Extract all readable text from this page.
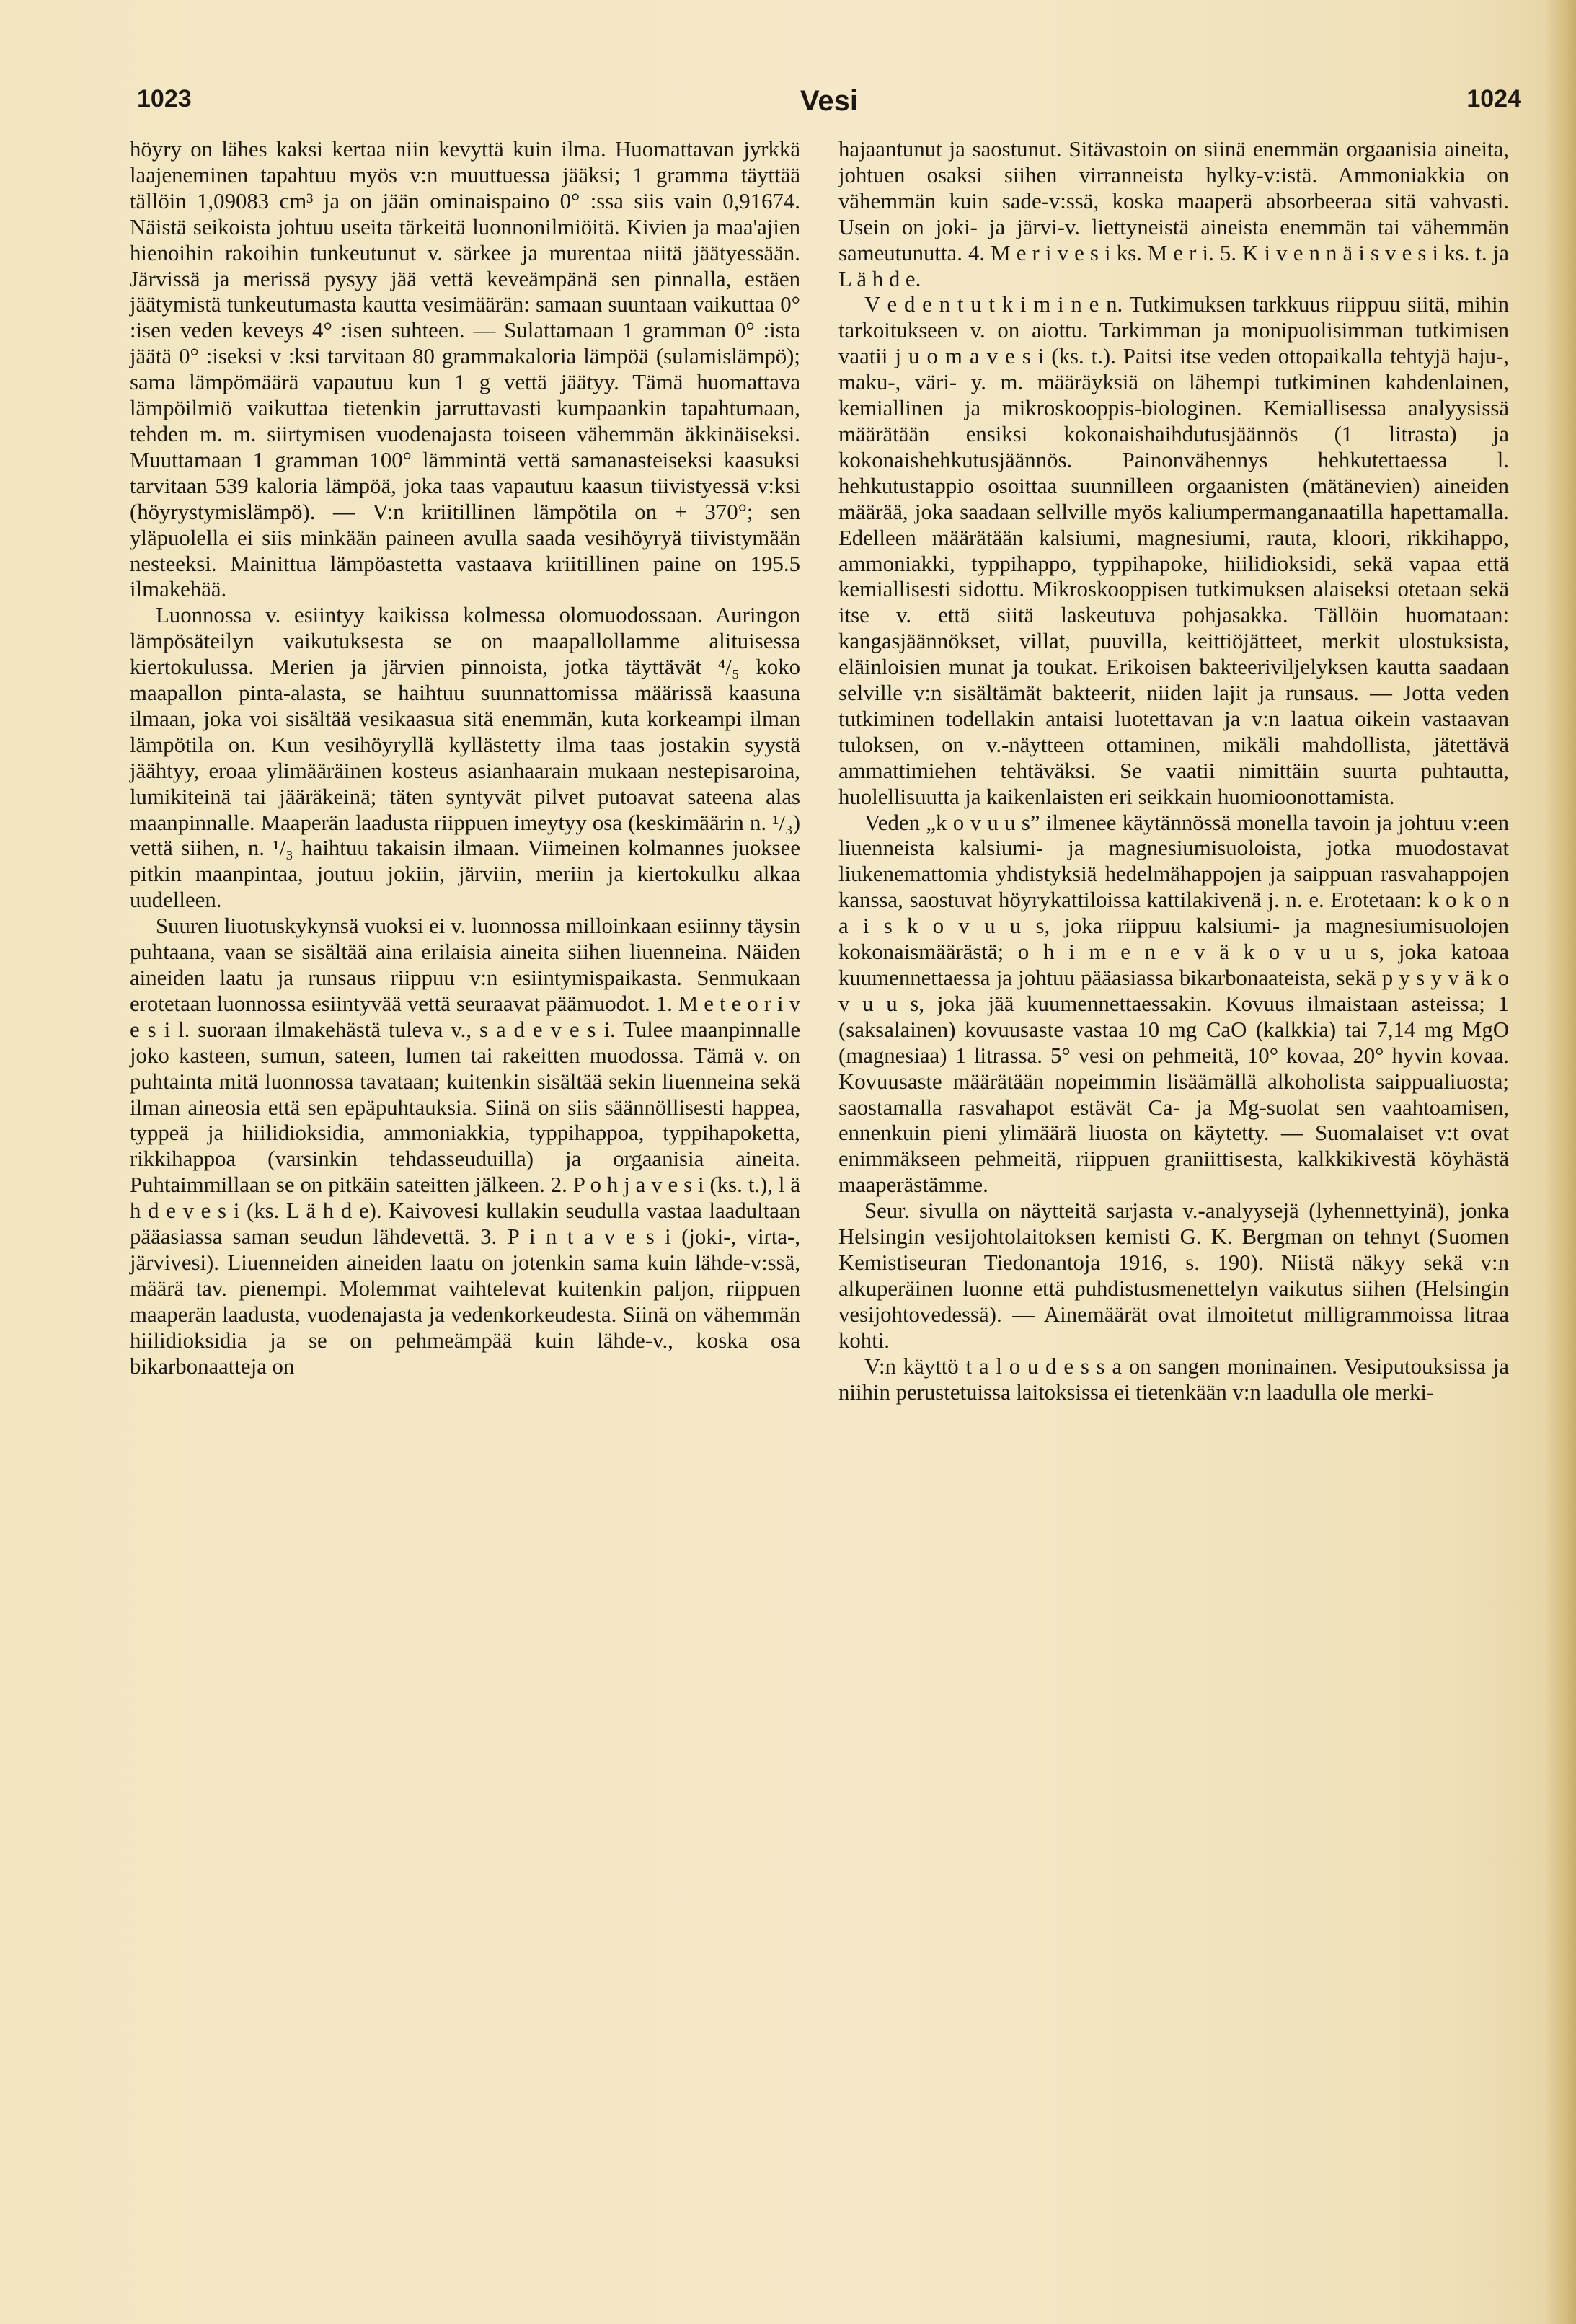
Vesi
1023	1024

höyry on lähes kaksi kertaa niin kevyttä kuin ilma. Huomattavan jyrkkä laajeneminen tapahtuu myös v:n muuttuessa jääksi; 1 gramma täyttää tällöin 1,09083 cm³ ja on jään ominaispaino 0° :ssa siis vain 0,91674. Näistä seikoista johtuu useita tärkeitä luonnonilmiöitä. Kivien ja maa'ajien hienoihin rakoihin tunkeutunut v. särkee ja murentaa niitä jäätyessään. Järvissä ja merissä pysyy jää vettä keveämpänä sen pinnalla, estäen jäätymistä tunkeutumasta kautta vesimäärän: samaan suuntaan vaikuttaa 0° :isen veden keveys 4° :isen suhteen. — Sulattamaan 1 gramman 0° :ista jäätä 0° :iseksi v :ksi tarvitaan 80 grammakaloria lämpöä (sulamislämpö); sama lämpömäärä vapautuu kun 1 g vettä jäätyy. Tämä huomattava lämpöilmiö vaikuttaa tietenkin jarruttavasti kumpaankin tapahtumaan, tehden m. m. siirtymisen vuodenajasta toiseen vähemmän äkkinäiseksi. Muuttamaan 1 gramman 100° lämmintä vettä samanasteiseksi kaasuksi tarvitaan 539 kaloria lämpöä, joka taas vapautuu kaasun tiivistyessä v:ksi (höyrystymislämpö). — V:n kriitillinen lämpötila on + 370°; sen yläpuolella ei siis minkään paineen avulla saada vesihöyryä tiivistymään nesteeksi. Mainittua lämpöastetta vastaava kriitillinen paine on 195.5 ilmakehää.

Luonnossa v. esiintyy kaikissa kolmessa olomuodossaan. Auringon lämpösäteilyn vaikutuksesta se on maapallollamme alituisessa kiertokulussa. Merien ja järvien pinnoista, jotka täyttävät ⁴/₅ koko maapallon pinta-alasta, se haihtuu suunnattomissa määrissä kaasuna ilmaan, joka voi sisältää vesikaasua sitä enemmän, kuta korkeampi ilman lämpötila on. Kun vesihöyryllä kyllästetty ilma taas jostakin syystä jäähtyy, eroaa ylimääräinen kosteus asianhaarain mukaan nestepisaroina, lumikiteinä tai jääräkeinä; täten syntyvät pilvet putoavat sateena alas maanpinnalle. Maaperän laadusta riippuen imeytyy osa (keskimäärin n. ¹/₃) vettä siihen, n. ¹/₃ haihtuu takaisin ilmaan. Viimeinen kolmannes juoksee pitkin maanpintaa, joutuu jokiin, järviin, meriin ja kiertokulku alkaa uudelleen.

Suuren liuotuskykynsä vuoksi ei v. luonnossa milloinkaan esiinny täysin puhtaana, vaan se sisältää aina erilaisia aineita siihen liuenneina. Näiden aineiden laatu ja runsaus riippuu v:n esiintymispaikasta. Senmukaan erotetaan luonnossa esiintyvää vettä seuraavat päämuodot. 1. M e t e o r i v e s i l. suoraan ilmakehästä tuleva v., s a d e v e s i. Tulee maanpinnalle joko kasteen, sumun, sateen, lumen tai rakeitten muodossa. Tämä v. on puhtainta mitä luonnossa tavataan; kuitenkin sisältää sekin liuenneina sekä ilman aineosia että sen epäpuhtauksia. Siinä on siis säännöllisesti happea, typpeä ja hiilidioksidia, ammoniakkia, typpihappoa, typpihapoketta, rikkihappoa (varsinkin tehdasseuduilla) ja orgaanisia aineita. Puhtaimmillaan se on pitkäin sateitten jälkeen. 2. P o h j a v e s i (ks. t.), l ä h d e v e s i (ks. L ä h d e). Kaivovesi kullakin seudulla vastaa laadultaan pääasiassa saman seudun lähdevettä. 3. P i n t a v e s i (joki-, virta-, järvivesi). Liuenneiden aineiden laatu on jotenkin sama kuin lähde-v:ssä, määrä tav. pienempi. Molemmat vaihtelevat kuitenkin paljon, riippuen maaperän laadusta, vuodenajasta ja vedenkorkeudesta. Siinä on vähemmän hiilidioksidia ja se on pehmeämpää kuin lähde-v., koska osa bikarbonaatteja on

hajaantunut ja saostunut. Sitävastoin on siinä enemmän orgaanisia aineita, johtuen osaksi siihen virranneista hylky-v:istä. Ammoniakkia on vähemmän kuin sade-v:ssä, koska maaperä absorbeeraa sitä vahvasti. Usein on joki- ja järvi-v. liettyneistä aineista enemmän tai vähemmän sameutunutta. 4. M e r i v e s i ks. M e r i. 5. K i v e n n ä i s v e s i ks. t. ja L ä h d e.

V e d e n t u t k i m i n e n. Tutkimuksen tarkkuus riippuu siitä, mihin tarkoitukseen v. on aiottu. Tarkimman ja monipuolisimman tutkimisen vaatii j u o m a v e s i (ks. t.). Paitsi itse veden ottopaikalla tehtyjä haju-, maku-, väri- y. m. määräyksiä on lähempi tutkiminen kahdenlainen, kemiallinen ja mikroskooppis-biologinen. Kemiallisessa analyysissä määrätään ensiksi kokonaishaihdutusjäännös (1 litrasta) ja kokonaishehkutusjäännös. Painonvähennys hehkutettaessa l. hehkutustappio osoittaa suunnilleen orgaanisten (mätänevien) aineiden määrää, joka saadaan sellville myös kaliumpermanganaatilla hapettamalla. Edelleen määrätään kalsiumi, magnesiumi, rauta, kloori, rikkihappo, ammoniakki, typpihappo, typpihapoke, hiilidioksidi, sekä vapaa että kemiallisesti sidottu. Mikroskooppisen tutkimuksen alaiseksi otetaan sekä itse v. että siitä laskeutuva pohjasakka. Tällöin huomataan: kangasjäännökset, villat, puuvilla, keittiöjätteet, merkit ulostuksista, eläinloisien munat ja toukat. Erikoisen bakteeriviljelyksen kautta saadaan selville v:n sisältämät bakteerit, niiden lajit ja runsaus. — Jotta veden tutkiminen todellakin antaisi luotettavan ja v:n laatua oikein vastaavan tuloksen, on v.-näytteen ottaminen, mikäli mahdollista, jätettävä ammattimiehen tehtäväksi. Se vaatii nimittäin suurta puhtautta, huolellisuutta ja kaikenlaisten eri seikkain huomioonottamista.

Veden „k o v u u s” ilmenee käytännössä monella tavoin ja johtuu v:een liuenneista kalsiumi- ja magnesiumisuoloista, jotka muodostavat liukenemattomia yhdistyksiä hedelmähappojen ja saippuan rasvahappojen kanssa, saostuvat höyrykattiloissa kattilakivenä j. n. e. Erotetaan: k o k o n a i s k o v u u s, joka riippuu kalsiumi- ja magnesiumisuolojen kokonaismäärästä; o h i m e n e v ä k o v u u s, joka katoaa kuumennettaessa ja johtuu pääasiassa bikarbonaateista, sekä p y s y v ä k o v u u s, joka jää kuumennettaessakin. Kovuus ilmaistaan asteissa; 1 (saksalainen) kovuusaste vastaa 10 mg CaO (kalkkia) tai 7,14 mg MgO (magnesiaa) 1 litrassa. 5° vesi on pehmeitä, 10° kovaa, 20° hyvin kovaa. Kovuusaste määrätään nopeimmin lisäämällä alkoholista saippualiuosta; saostamalla rasvahapot estävät Ca- ja Mg-suolat sen vaahtoamisen, ennenkuin pieni ylimäärä liuosta on käytetty. — Suomalaiset v:t ovat enimmäkseen pehmeitä, riippuen graniittisesta, kalkkikivestä köyhästä maaperästämme.

Seur. sivulla on näytteitä sarjasta v.-analyysejä (lyhennettyinä), jonka Helsingin vesijohtolaitoksen kemisti G. K. Bergman on tehnyt (Suomen Kemistiseuran Tiedonantoja 1916, s. 190). Niistä näkyy sekä v:n alkuperäinen luonne että puhdistusmenettelyn vaikutus siihen (Helsingin vesijohtovedessä). — Ainemäärät ovat ilmoitetut milligrammoissa litraa kohti.

V:n käyttö t a l o u d e s s a on sangen moninainen. Vesiputouksissa ja niihin perustetuissa laitoksissa ei tietenkään v:n laadulla ole merki-
